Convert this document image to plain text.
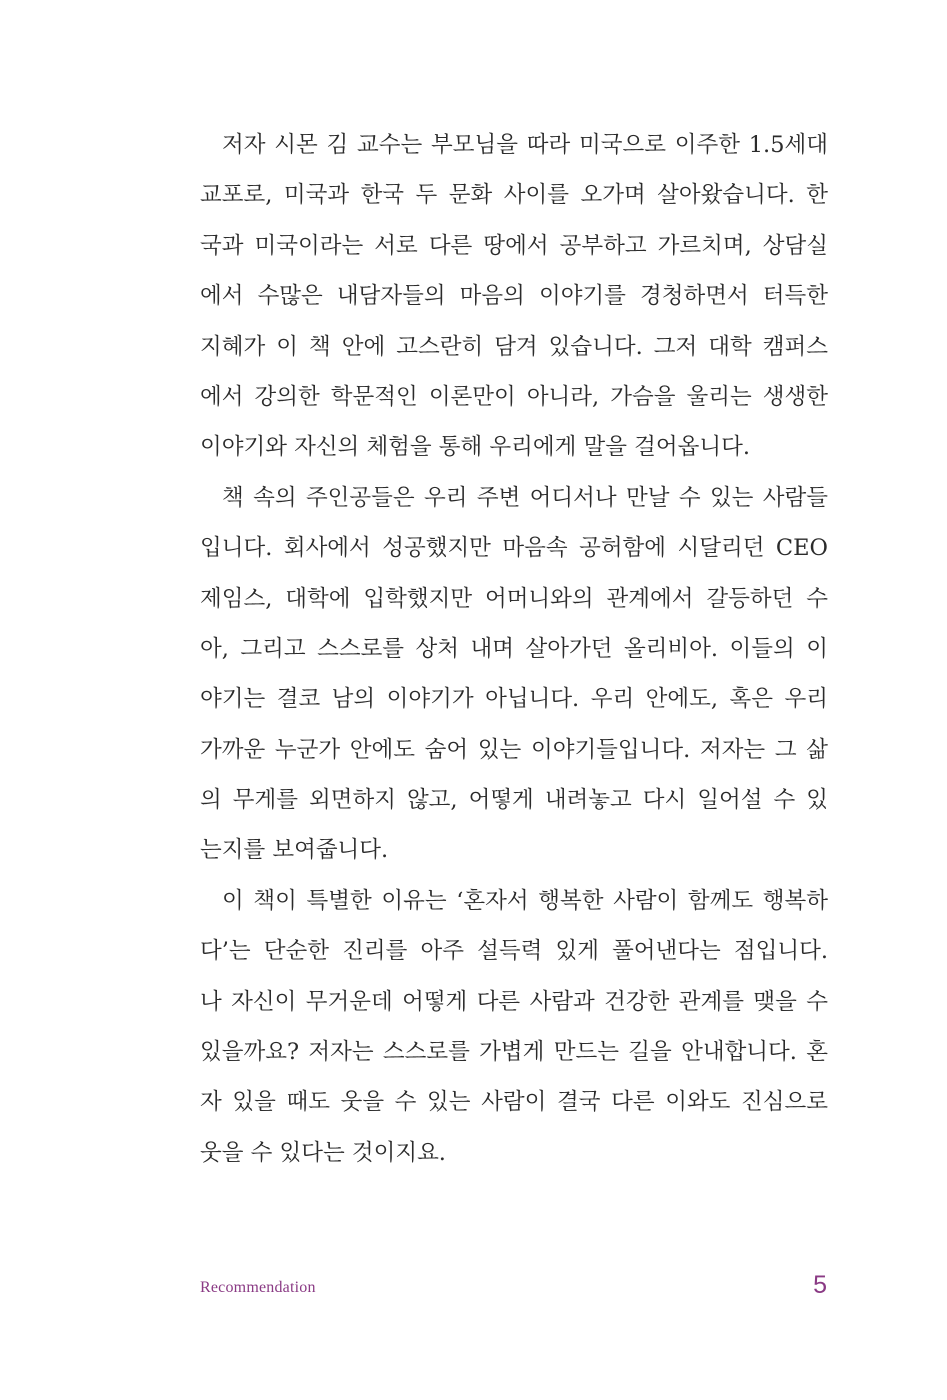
저자 시몬 김 교수는 부모님을 따라 미국으로 이주한 1.5세대
교포로, 미국과 한국 두 문화 사이를 오가며 살아왔습니다. 한
국과 미국이라는 서로 다른 땅에서 공부하고 가르치며, 상담실
에서 수많은 내담자들의 마음의 이야기를 경청하면서 터득한
지혜가 이 책 안에 고스란히 담겨 있습니다. 그저 대학 캠퍼스
에서 강의한 학문적인 이론만이 아니라, 가슴을 울리는 생생한
이야기와 자신의 체험을 통해 우리에게 말을 걸어옵니다.
책 속의 주인공들은 우리 주변 어디서나 만날 수 있는 사람들
입니다. 회사에서 성공했지만 마음속 공허함에 시달리던 CEO
제임스, 대학에 입학했지만 어머니와의 관계에서 갈등하던 수
아, 그리고 스스로를 상처 내며 살아가던 올리비아. 이들의 이
야기는 결코 남의 이야기가 아닙니다. 우리 안에도, 혹은 우리
가까운 누군가 안에도 숨어 있는 이야기들입니다. 저자는 그 삶
의 무게를 외면하지 않고, 어떻게 내려놓고 다시 일어설 수 있
는지를 보여줍니다.
이 책이 특별한 이유는 ‘혼자서 행복한 사람이 함께도 행복하
다’는 단순한 진리를 아주 설득력 있게 풀어낸다는 점입니다.
나 자신이 무거운데 어떻게 다른 사람과 건강한 관계를 맺을 수
있을까요? 저자는 스스로를 가볍게 만드는 길을 안내합니다. 혼
자 있을 때도 웃을 수 있는 사람이 결국 다른 이와도 진심으로
웃을 수 있다는 것이지요.
Recommendation	5
